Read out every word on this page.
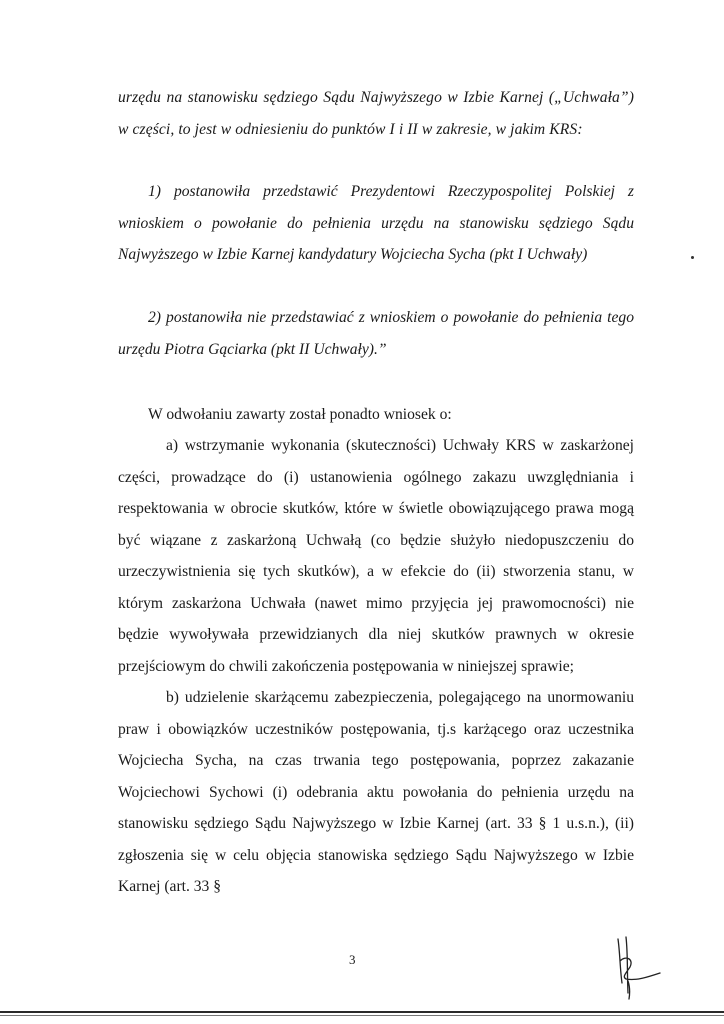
urzędu na stanowisku sędziego Sądu Najwyższego w Izbie Karnej („Uchwała”) w części, to jest w odniesieniu do punktów I i II w zakresie, w jakim KRS:

1) postanowiła przedstawić Prezydentowi Rzeczypospolitej Polskiej z wnioskiem o powołanie do pełnienia urzędu na stanowisku sędziego Sądu Najwyższego w Izbie Karnej kandydatury Wojciecha Sycha (pkt I Uchwały)

2) postanowiła nie przedstawiać z wnioskiem o powołanie do pełnienia tego urzędu Piotra Gąciarka (pkt II Uchwały).”

W odwołaniu zawarty został ponadto wniosek o:

a) wstrzymanie wykonania (skuteczności) Uchwały KRS w zaskarżonej części, prowadzące do (i) ustanowienia ogólnego zakazu uwzględniania i respektowania w obrocie skutków, które w świetle obowiązującego prawa mogą być wiązane z zaskarżoną Uchwałą (co będzie służyło niedopuszczeniu do urzeczywistnienia się tych skutków), a w efekcie do (ii) stworzenia stanu, w którym zaskarżona Uchwała (nawet mimo przyjęcia jej prawomocności) nie będzie wywoływała przewidzianych dla niej skutków prawnych w okresie przejściowym do chwili zakończenia postępowania w niniejszej sprawie;

b) udzielenie skarżącemu zabezpieczenia, polegającego na unormowaniu praw i obowiązków uczestników postępowania, tj.s karżącego oraz uczestnika Wojciecha Sycha, na czas trwania tego postępowania, poprzez zakazanie Wojciechowi Sychowi (i) odebrania aktu powołania do pełnienia urzędu na stanowisku sędziego Sądu Najwyższego w Izbie Karnej (art. 33 § 1 u.s.n.), (ii) zgłoszenia się w celu objęcia stanowiska sędziego Sądu Najwyższego w Izbie Karnej (art. 33 §

3
